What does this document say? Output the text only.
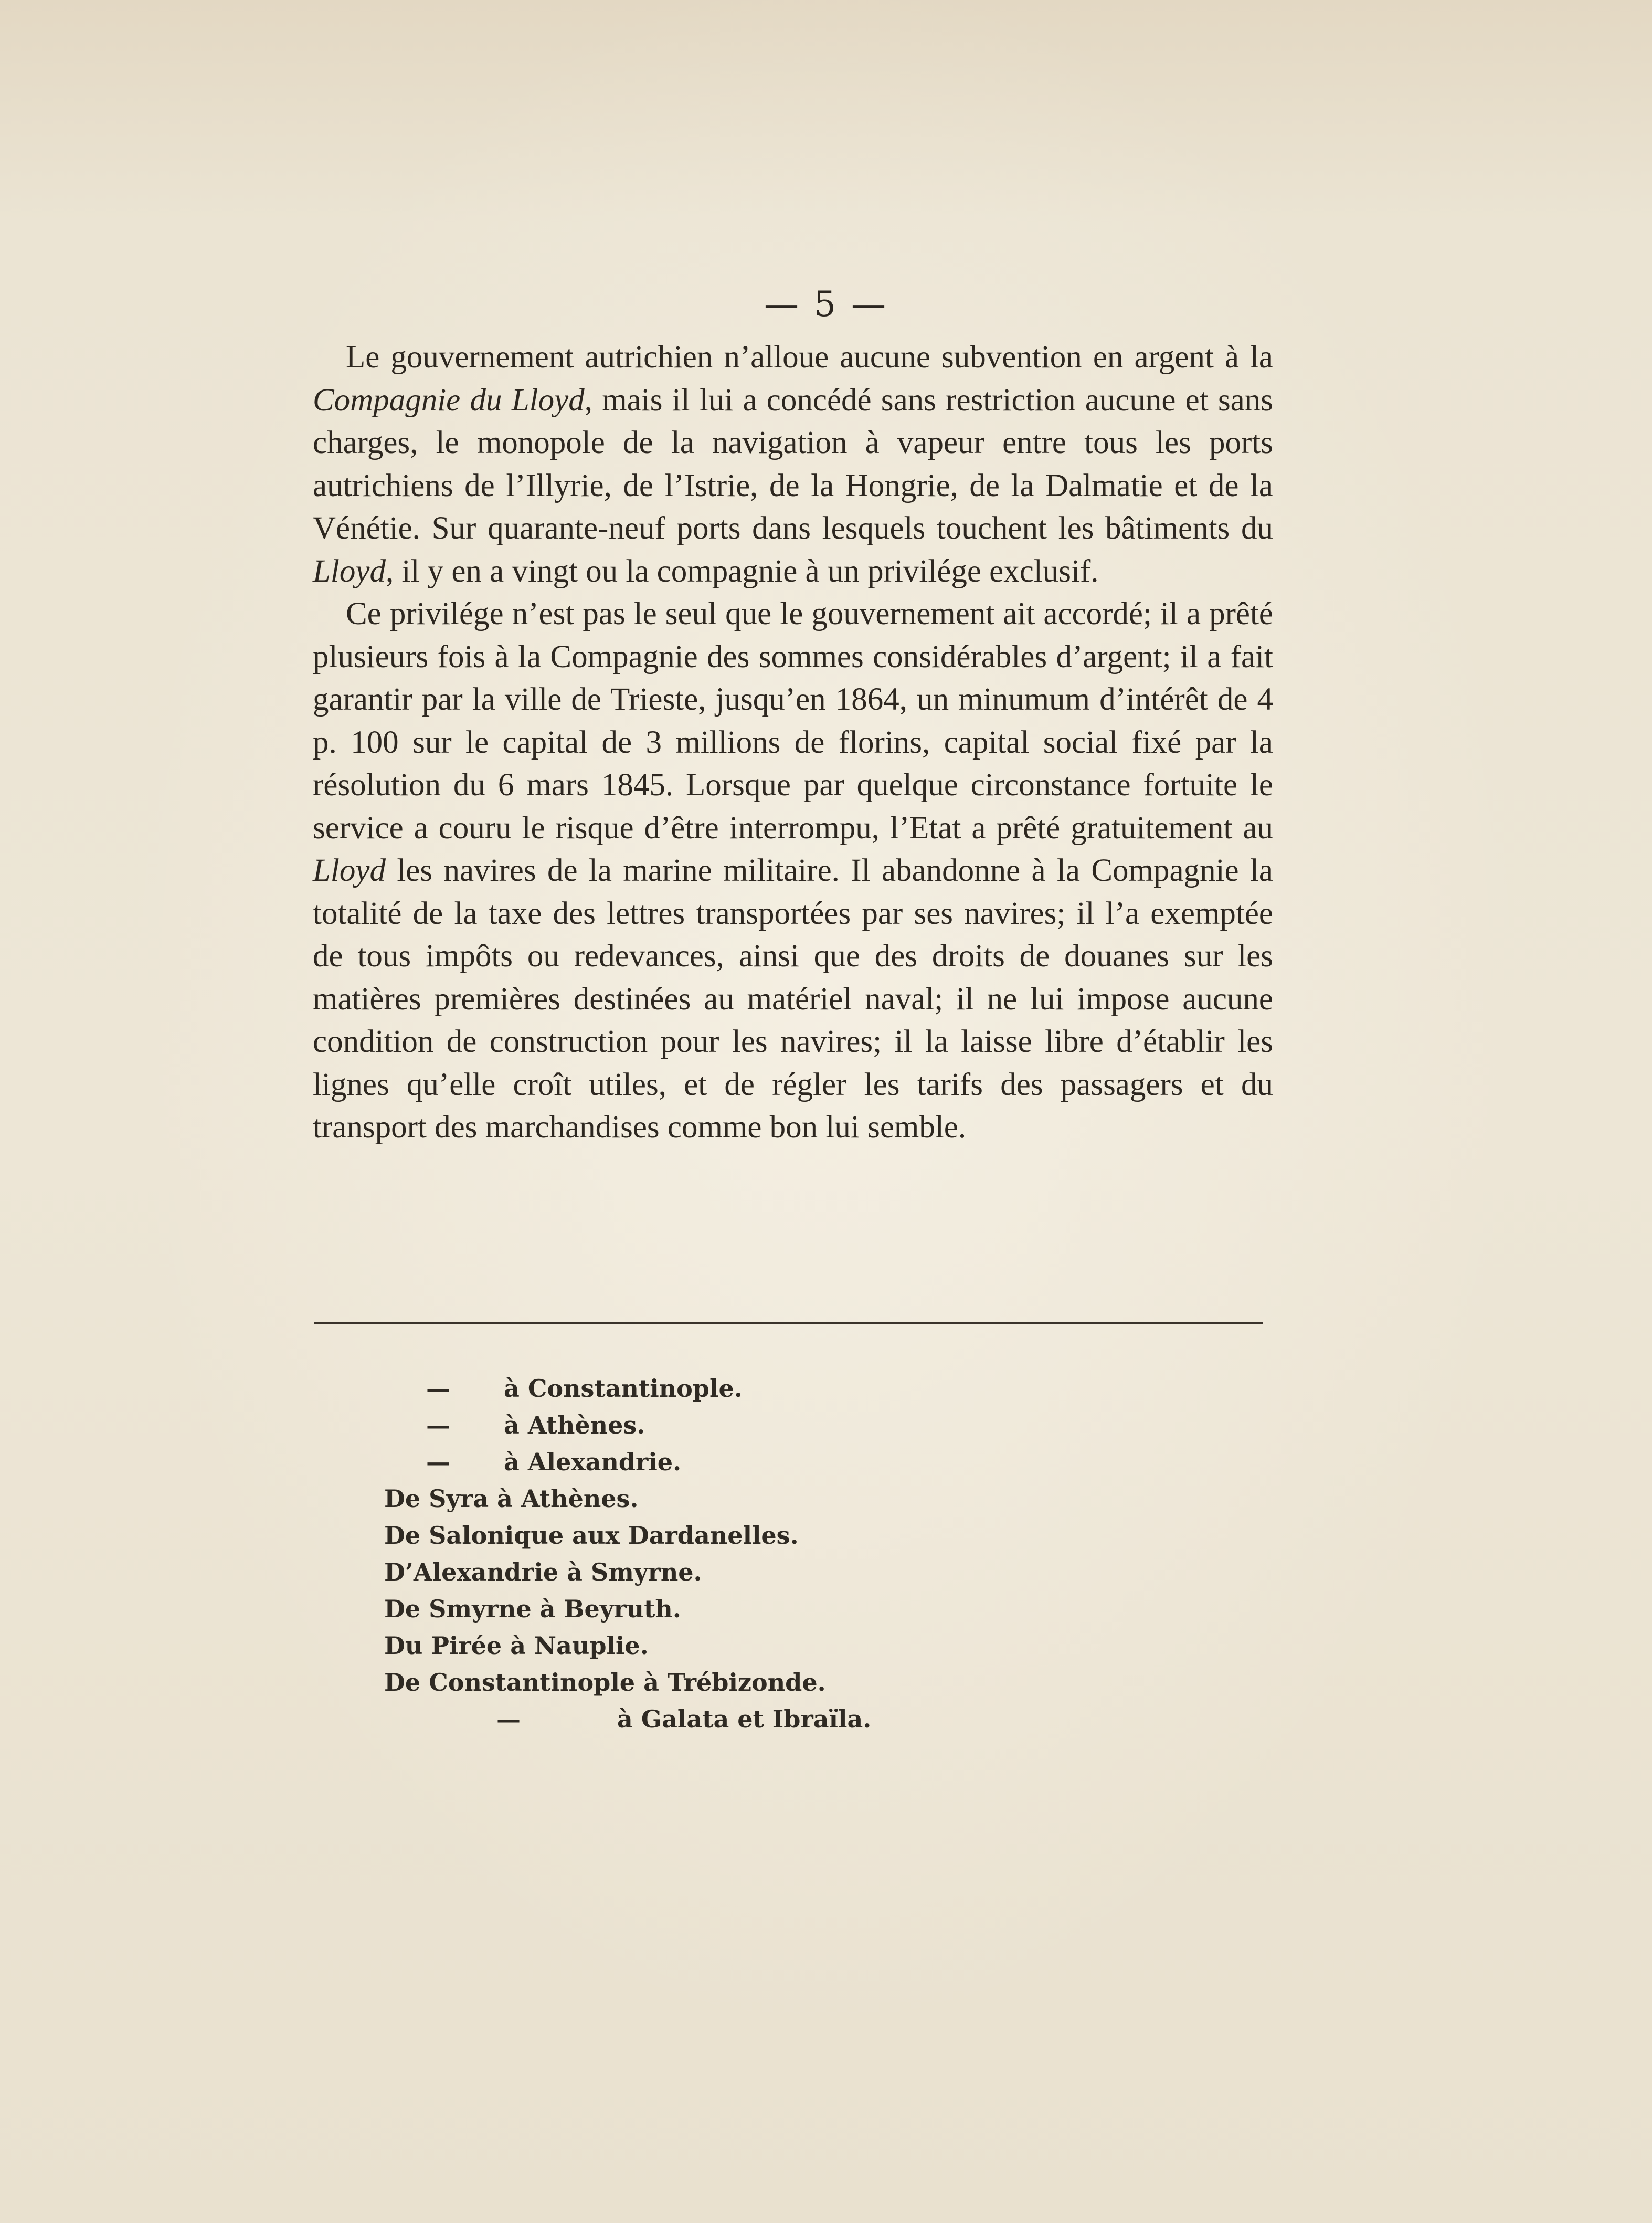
— 5 —

Le gouvernement autrichien n’alloue aucune subvention en argent à la Compagnie du Lloyd, mais il lui a concédé sans restriction aucune et sans charges, le monopole de la navigation à vapeur entre tous les ports autrichiens de l’Illyrie, de l’Istrie, de la Hongrie, de la Dalmatie et de la Vénétie. Sur quarante-neuf ports dans lesquels touchent les bâtiments du Lloyd, il y en a vingt ou la compagnie à un privilége exclusif.

Ce privilége n’est pas le seul que le gouvernement ait accordé; il a prêté plusieurs fois à la Compagnie des sommes considérables d’argent; il a fait garantir par la ville de Trieste, jusqu’en 1864, un minumum d’intérêt de 4 p. 100 sur le capital de 3 millions de florins, capital social fixé par la résolution du 6 mars 1845. Lorsque par quelque circonstance fortuite le service a couru le risque d’être interrompu, l’Etat a prêté gratuitement au Lloyd les navires de la marine militaire. Il abandonne à la Compagnie la totalité de la taxe des lettres transportées par ses navires; il l’a exemptée de tous impôts ou redevances, ainsi que des droits de douanes sur les matières premières destinées au matériel naval; il ne lui impose aucune condition de construction pour les navires; il la laisse libre d’établir les lignes qu’elle croît utiles, et de régler les tarifs des passagers et du transport des marchandises comme bon lui semble.

— à Constantinople.
— à Athènes.
— à Alexandrie.
De Syra à Athènes.
De Salonique aux Dardanelles.
D’Alexandrie à Smyrne.
De Smyrne à Beyruth.
Du Pirée à Nauplie.
De Constantinople à Trébizonde.
—	à Galata et Ibraïla.
